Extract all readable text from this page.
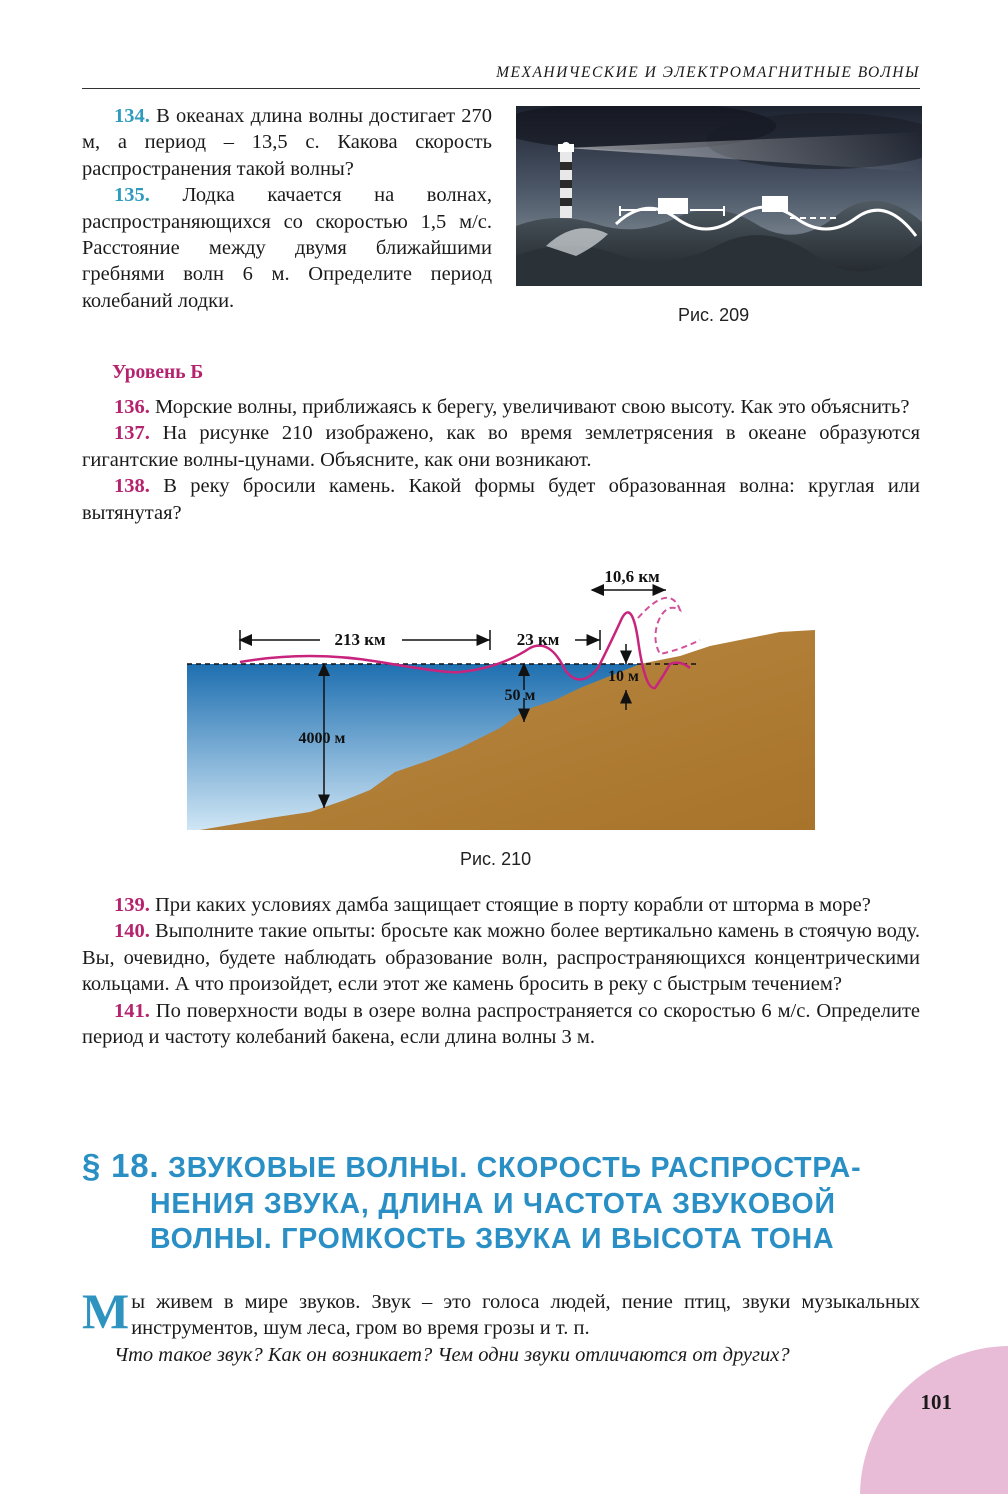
МЕХАНИЧЕСКИЕ И ЭЛЕКТРОМАГНИТНЫЕ ВОЛНЫ

134. В океанах длина волны достигает 270 м, а период – 13,5 с. Какова скорость распространения такой волны?

135. Лодка качается на волнах, распространяющихся со скоростью 1,5 м/с. Расстояние между двумя ближайшими гребнями волн 6 м. Определите период колебаний лодки.

Рис. 209
Уровень Б

136. Морские волны, приближаясь к берегу, увеличивают свою высоту. Как это объяснить?

137. На рисунке 210 изображено, как во время землетрясения в океане образуются гигантские волны-цунами. Объясните, как они возникают.

138. В реку бросили камень. Какой формы будет образованная волна: круглая или вытянутая?

213 км	23 км
10,6 км
10 м
50 м
4000 м
Рис. 210

139. При каких условиях дамба защищает стоящие в порту корабли от шторма в море?

140. Выполните такие опыты: бросьте как можно более вертикально камень в стоячую воду. Вы, очевидно, будете наблюдать образование волн, распространяющихся концентрическими кольцами. А что произойдет, если этот же камень бросить в реку с быстрым течением?

141. По поверхности воды в озере волна распространяется со скоростью 6 м/с. Определите период и частоту колебаний бакена, если длина волны 3 м.

§ 18. ЗВУКОВЫЕ ВОЛНЫ. СКОРОСТЬ РАСПРОСТРА-
НЕНИЯ ЗВУКА, ДЛИНА И ЧАСТОТА ЗВУКОВОЙ
ВОЛНЫ. ГРОМКОСТЬ ЗВУКА И ВЫСОТА ТОНА
Мы живем в мире звуков. Звук – это голоса людей, пение птиц, звуки музыкальных инструментов, шум леса, гром во время грозы и т. п.

Что такое звук? Как он возникает? Чем одни звуки отличаются от других?

101
